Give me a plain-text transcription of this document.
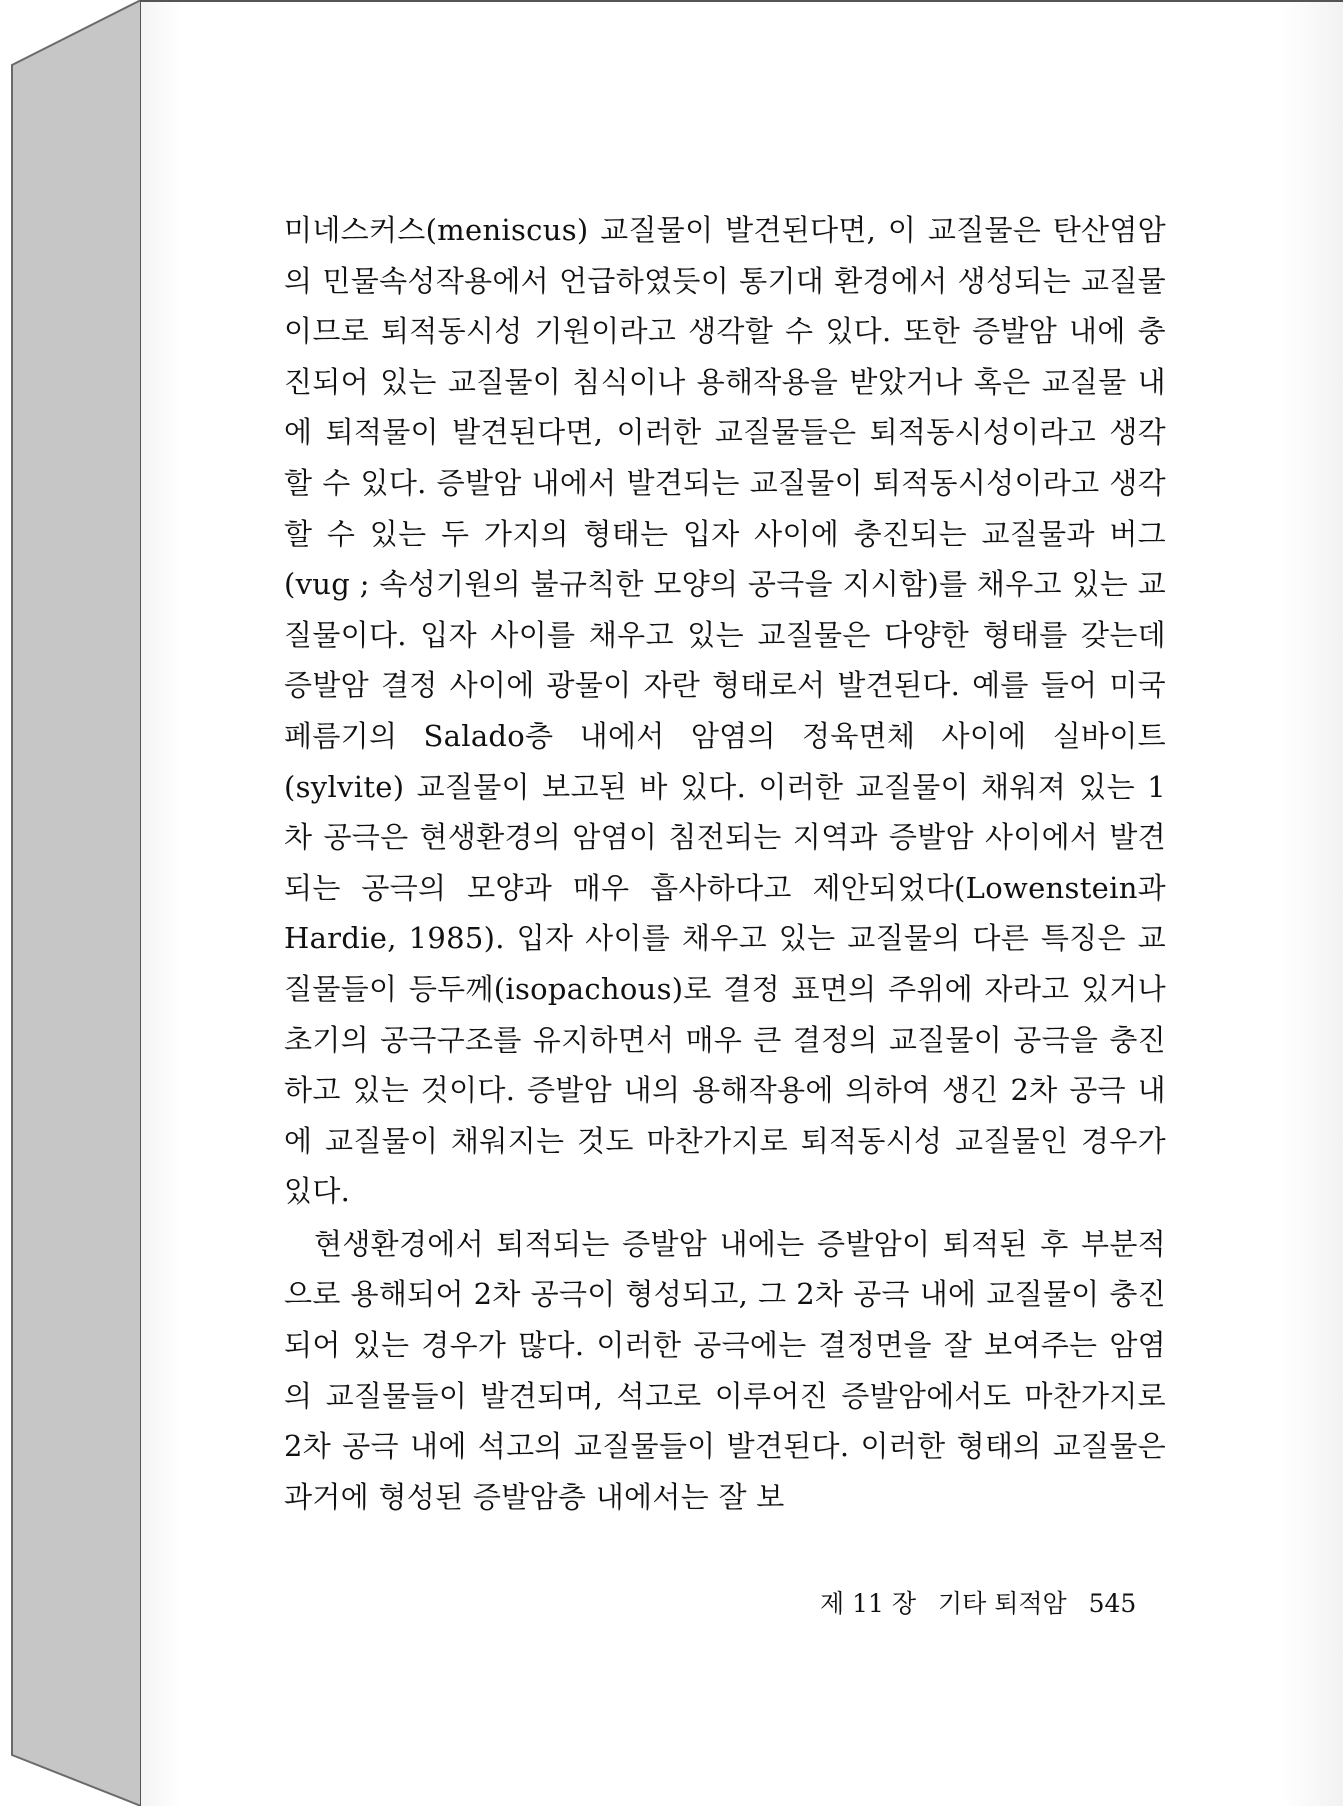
미네스커스(meniscus) 교질물이 발견된다면, 이 교질물은 탄산염암의 민물속성작용에서 언급하였듯이 통기대 환경에서 생성되는 교질물이므로 퇴적동시성 기원이라고 생각할 수 있다. 또한 증발암 내에 충진되어 있는 교질물이 침식이나 용해작용을 받았거나 혹은 교질물 내에 퇴적물이 발견된다면, 이러한 교질물들은 퇴적동시성이라고 생각할 수 있다. 증발암 내에서 발견되는 교질물이 퇴적동시성이라고 생각할 수 있는 두 가지의 형태는 입자 사이에 충진되는 교질물과 버그(vug ; 속성기원의 불규칙한 모양의 공극을 지시함)를 채우고 있는 교질물이다. 입자 사이를 채우고 있는 교질물은 다양한 형태를 갖는데 증발암 결정 사이에 광물이 자란 형태로서 발견된다. 예를 들어 미국 페름기의 Salado층 내에서 암염의 정육면체 사이에 실바이트(sylvite) 교질물이 보고된 바 있다. 이러한 교질물이 채워져 있는 1차 공극은 현생환경의 암염이 침전되는 지역과 증발암 사이에서 발견되는 공극의 모양과 매우 흡사하다고 제안되었다(Lowenstein과 Hardie, 1985). 입자 사이를 채우고 있는 교질물의 다른 특징은 교질물들이 등두께(isopachous)로 결정 표면의 주위에 자라고 있거나 초기의 공극구조를 유지하면서 매우 큰 결정의 교질물이 공극을 충진하고 있는 것이다. 증발암 내의 용해작용에 의하여 생긴 2차 공극 내에 교질물이 채워지는 것도 마찬가지로 퇴적동시성 교질물인 경우가 있다.

현생환경에서 퇴적되는 증발암 내에는 증발암이 퇴적된 후 부분적으로 용해되어 2차 공극이 형성되고, 그 2차 공극 내에 교질물이 충진되어 있는 경우가 많다. 이러한 공극에는 결정면을 잘 보여주는 암염의 교질물들이 발견되며, 석고로 이루어진 증발암에서도 마찬가지로 2차 공극 내에 석고의 교질물들이 발견된다. 이러한 형태의 교질물은 과거에 형성된 증발암층 내에서는 잘 보

제 11 장 기타 퇴적암 545
